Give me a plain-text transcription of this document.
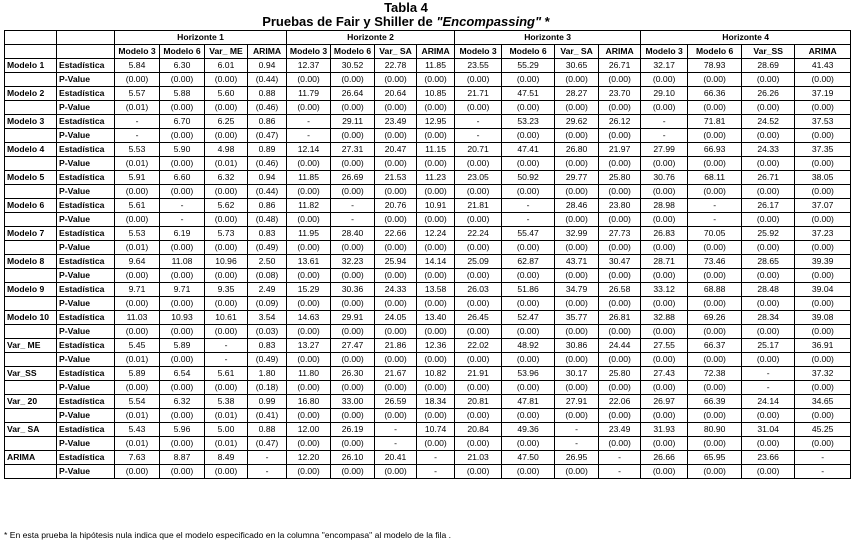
Tabla 4
Pruebas de Fair y Shiller de "Encompassing" *
		Horizonte 1				Horizonte 2				Horizonte 3				Horizonte 4			
		Modelo 3	Modelo 6	Var_ ME	ARIMA	Modelo 3	Modelo 6	Var_ SA	ARIMA	Modelo 3	Modelo 6	Var_ SA	ARIMA	Modelo 3	Modelo 6	Var_SS	ARIMA
Modelo 1	Estadística	5.84	6.30	6.01	0.94	12.37	30.52	22.78	11.85	23.55	55.29	30.65	26.71	32.17	78.93	28.69	41.43
	P-Value	(0.00)	(0.00)	(0.00)	(0.44)	(0.00)	(0.00)	(0.00)	(0.00)	(0.00)	(0.00)	(0.00)	(0.00)	(0.00)	(0.00)	(0.00)	(0.00)
Modelo 2	Estadística	5.57	5.88	5.60	0.88	11.79	26.64	20.64	10.85	21.71	47.51	28.27	23.70	29.10	66.36	26.26	37.19
	P-Value	(0.01)	(0.00)	(0.00)	(0.46)	(0.00)	(0.00)	(0.00)	(0.00)	(0.00)	(0.00)	(0.00)	(0.00)	(0.00)	(0.00)	(0.00)	(0.00)
Modelo 3	Estadística	-	6.70	6.25	0.86	-	29.11	23.49	12.95	-	53.23	29.62	26.12	-	71.81	24.52	37.53
	P-Value	-	(0.00)	(0.00)	(0.47)	-	(0.00)	(0.00)	(0.00)	-	(0.00)	(0.00)	(0.00)	-	(0.00)	(0.00)	(0.00)
Modelo 4	Estadística	5.53	5.90	4.98	0.89	12.14	27.31	20.47	11.15	20.71	47.41	26.80	21.97	27.99	66.93	24.33	37.35
	P-Value	(0.01)	(0.00)	(0.01)	(0.46)	(0.00)	(0.00)	(0.00)	(0.00)	(0.00)	(0.00)	(0.00)	(0.00)	(0.00)	(0.00)	(0.00)	(0.00)
Modelo 5	Estadística	5.91	6.60	6.32	0.94	11.85	26.69	21.53	11.23	23.05	50.92	29.77	25.80	30.76	68.11	26.71	38.05
	P-Value	(0.00)	(0.00)	(0.00)	(0.44)	(0.00)	(0.00)	(0.00)	(0.00)	(0.00)	(0.00)	(0.00)	(0.00)	(0.00)	(0.00)	(0.00)	(0.00)
Modelo 6	Estadística	5.61	-	5.62	0.86	11.82	-	20.76	10.91	21.81	-	28.46	23.80	28.98	-	26.17	37.07
	P-Value	(0.00)	-	(0.00)	(0.48)	(0.00)	-	(0.00)	(0.00)	(0.00)	-	(0.00)	(0.00)	(0.00)	-	(0.00)	(0.00)
Modelo 7	Estadística	5.53	6.19	5.73	0.83	11.95	28.40	22.66	12.24	22.24	55.47	32.99	27.73	26.83	70.05	25.92	37.23
	P-Value	(0.01)	(0.00)	(0.00)	(0.49)	(0.00)	(0.00)	(0.00)	(0.00)	(0.00)	(0.00)	(0.00)	(0.00)	(0.00)	(0.00)	(0.00)	(0.00)
Modelo 8	Estadística	9.64	11.08	10.96	2.50	13.61	32.23	25.94	14.14	25.09	62.87	43.71	30.47	28.71	73.46	28.65	39.39
	P-Value	(0.00)	(0.00)	(0.00)	(0.08)	(0.00)	(0.00)	(0.00)	(0.00)	(0.00)	(0.00)	(0.00)	(0.00)	(0.00)	(0.00)	(0.00)	(0.00)
Modelo 9	Estadística	9.71	9.71	9.35	2.49	15.29	30.36	24.33	13.58	26.03	51.86	34.79	26.58	33.12	68.88	28.48	39.04
	P-Value	(0.00)	(0.00)	(0.00)	(0.09)	(0.00)	(0.00)	(0.00)	(0.00)	(0.00)	(0.00)	(0.00)	(0.00)	(0.00)	(0.00)	(0.00)	(0.00)
Modelo 10	Estadística	11.03	10.93	10.61	3.54	14.63	29.91	24.05	13.40	26.45	52.47	35.77	26.81	32.88	69.26	28.34	39.08
	P-Value	(0.00)	(0.00)	(0.00)	(0.03)	(0.00)	(0.00)	(0.00)	(0.00)	(0.00)	(0.00)	(0.00)	(0.00)	(0.00)	(0.00)	(0.00)	(0.00)
Var_ ME	Estadística	5.45	5.89	-	0.83	13.27	27.47	21.86	12.36	22.02	48.92	30.86	24.44	27.55	66.37	25.17	36.91
	P-Value	(0.01)	(0.00)	-	(0.49)	(0.00)	(0.00)	(0.00)	(0.00)	(0.00)	(0.00)	(0.00)	(0.00)	(0.00)	(0.00)	(0.00)	(0.00)
Var_SS	Estadística	5.89	6.54	5.61	1.80	11.80	26.30	21.67	10.82	21.91	53.96	30.17	25.80	27.43	72.38	-	37.32
	P-Value	(0.00)	(0.00)	(0.00)	(0.18)	(0.00)	(0.00)	(0.00)	(0.00)	(0.00)	(0.00)	(0.00)	(0.00)	(0.00)	(0.00)	-	(0.00)
Var_ 20	Estadística	5.54	6.32	5.38	0.99	16.80	33.00	26.59	18.34	20.81	47.81	27.91	22.06	26.97	66.39	24.14	34.65
	P-Value	(0.01)	(0.00)	(0.01)	(0.41)	(0.00)	(0.00)	(0.00)	(0.00)	(0.00)	(0.00)	(0.00)	(0.00)	(0.00)	(0.00)	(0.00)	(0.00)
Var_ SA	Estadística	5.43	5.96	5.00	0.88	12.00	26.19	-	10.74	20.84	49.36	-	23.49	31.93	80.90	31.04	45.25
	P-Value	(0.01)	(0.00)	(0.01)	(0.47)	(0.00)	(0.00)	-	(0.00)	(0.00)	(0.00)	-	(0.00)	(0.00)	(0.00)	(0.00)	(0.00)
ARIMA	Estadística	7.63	8.87	8.49	-	12.20	26.10	20.41	-	21.03	47.50	26.95	-	26.66	65.95	23.66	-
	P-Value	(0.00)	(0.00)	(0.00)	-	(0.00)	(0.00)	(0.00)	-	(0.00)	(0.00)	(0.00)	-	(0.00)	(0.00)	(0.00)	-
* En esta prueba la hipótesis nula indica que el modelo especificado en la columna "encompasa" al modelo de la fila .
